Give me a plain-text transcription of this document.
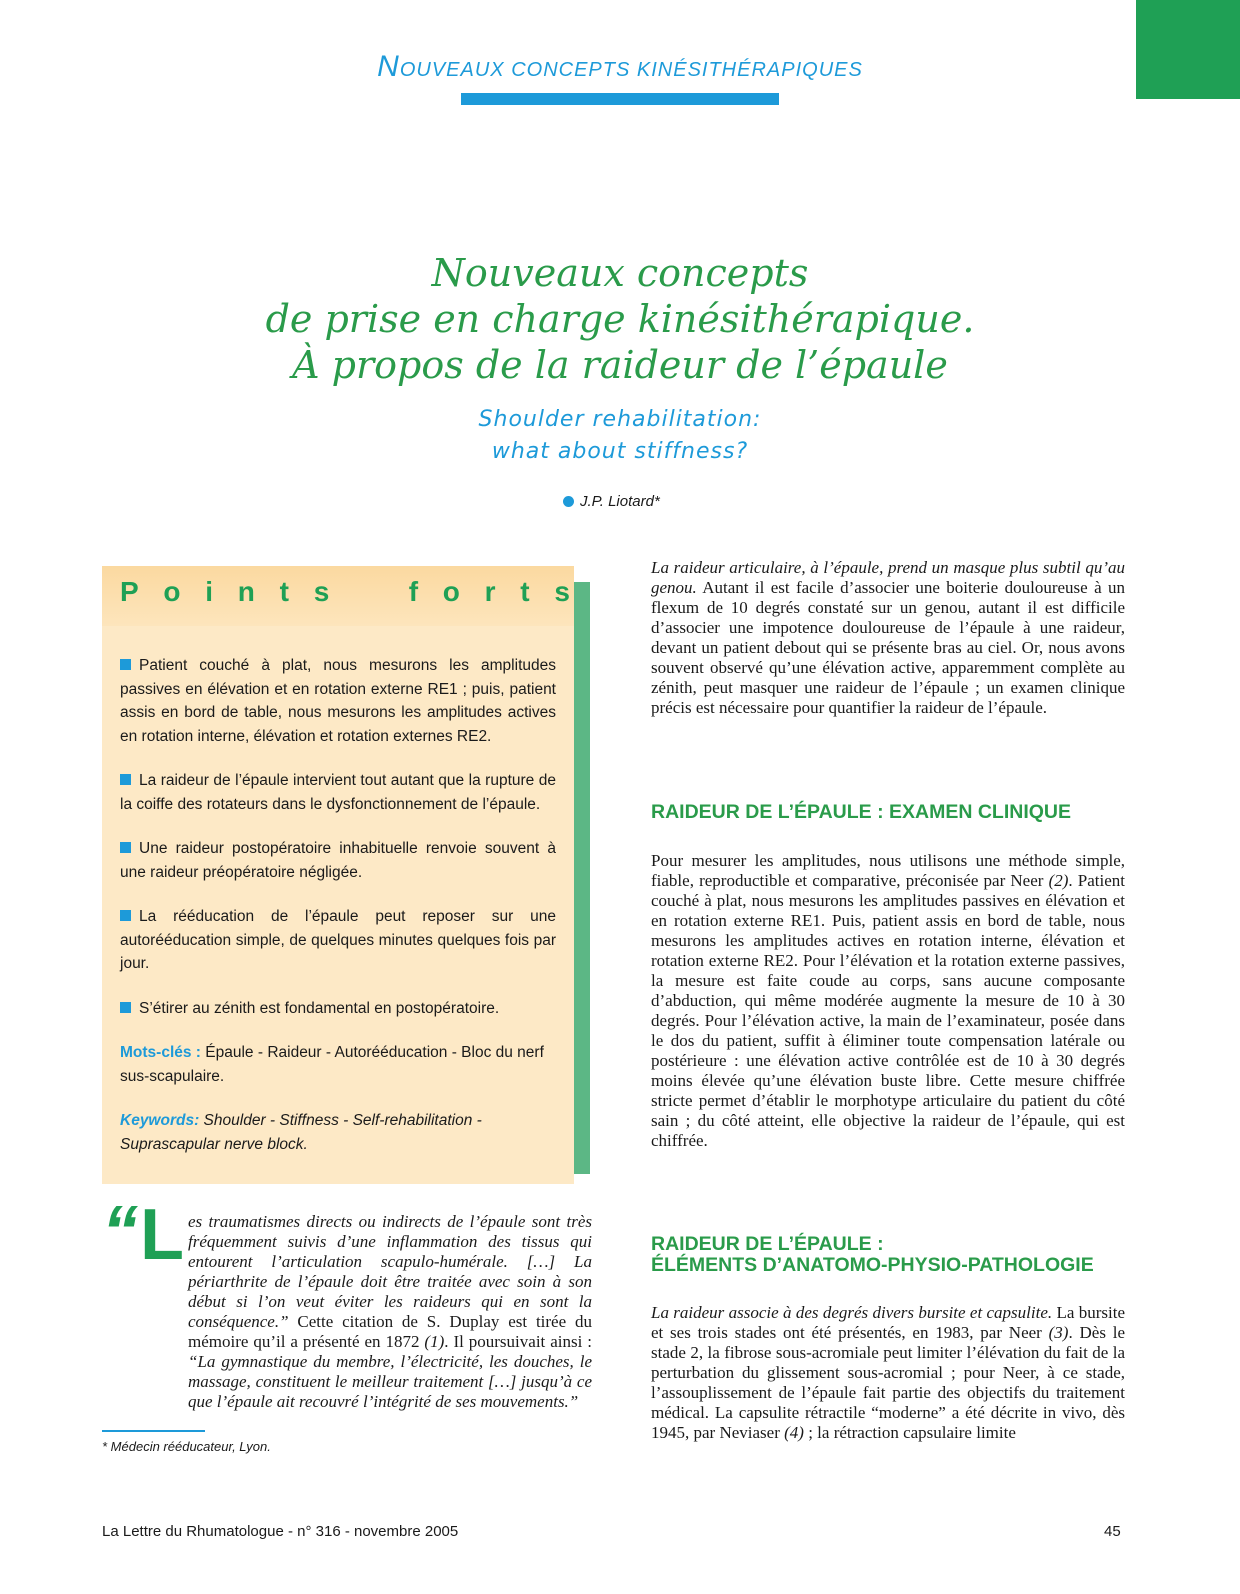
NOUVEAUX CONCEPTS KINÉSITHÉRAPIQUES
Nouveaux concepts
de prise en charge kinésithérapique.
À propos de la raideur de l’épaule
Shoulder rehabilitation:
what about stiffness?
J.P. Liotard*
P o i n t s	f o r t s
Patient couché à plat, nous mesurons les amplitudes passives en élévation et en rotation externe RE1 ; puis, patient assis en bord de table, nous mesurons les amplitudes actives en rotation interne, élévation et rotation externes RE2.
La raideur de l’épaule intervient tout autant que la rupture de la coiffe des rotateurs dans le dysfonctionnement de l’épaule.
Une raideur postopératoire inhabituelle renvoie souvent à une raideur préopératoire négligée.
La rééducation de l’épaule peut reposer sur une autorééducation simple, de quelques minutes quelques fois par jour.
S’étirer au zénith est fondamental en postopératoire.
Mots-clés : Épaule - Raideur - Autorééducation - Bloc du nerf sus-scapulaire.
Keywords: Shoulder - Stiffness - Self-rehabilitation - Suprascapular nerve block.
“ L es traumatismes directs ou indirects de l’épaule sont très fréquemment suivis d’une inflammation des tissus qui entourent l’articulation scapulo-humérale. […] La périarthrite de l’épaule doit être traitée avec soin à son début si l’on veut éviter les raideurs qui en sont la conséquence.” Cette citation de S. Duplay est tirée du mémoire qu’il a présenté en 1872 (1). Il poursuivait ainsi : “La gymnastique du membre, l’électricité, les douches, le massage, constituent le meilleur traitement […] jusqu’à ce que l’épaule ait recouvré l’intégrité de ses mouvements.”

* Médecin rééducateur, Lyon.

La raideur articulaire, à l’épaule, prend un masque plus subtil qu’au genou. Autant il est facile d’associer une boiterie douloureuse à un flexum de 10 degrés constaté sur un genou, autant il est difficile d’associer une impotence douloureuse de l’épaule à une raideur, devant un patient debout qui se présente bras au ciel. Or, nous avons souvent observé qu’une élévation active, apparemment complète au zénith, peut masquer une raideur de l’épaule ; un examen clinique précis est nécessaire pour quantifier la raideur de l’épaule.

RAIDEUR DE L’ÉPAULE : EXAMEN CLINIQUE

Pour mesurer les amplitudes, nous utilisons une méthode simple, fiable, reproductible et comparative, préconisée par Neer (2). Patient couché à plat, nous mesurons les amplitudes passives en élévation et en rotation externe RE1. Puis, patient assis en bord de table, nous mesurons les amplitudes actives en rotation interne, élévation et rotation externe RE2. Pour l’élévation et la rotation externe passives, la mesure est faite coude au corps, sans aucune composante d’abduction, qui même modérée augmente la mesure de 10 à 30 degrés. Pour l’élévation active, la main de l’examinateur, posée dans le dos du patient, suffit à éliminer toute compensation latérale ou postérieure : une élévation active contrôlée est de 10 à 30 degrés moins élevée qu’une élévation buste libre. Cette mesure chiffrée stricte permet d’établir le morphotype articulaire du patient du côté sain ; du côté atteint, elle objective la raideur de l’épaule, qui est chiffrée.

RAIDEUR DE L’ÉPAULE :
ÉLÉMENTS D’ANATOMO-PHYSIO-PATHOLOGIE

La raideur associe à des degrés divers bursite et capsulite. La bursite et ses trois stades ont été présentés, en 1983, par Neer (3). Dès le stade 2, la fibrose sous-acromiale peut limiter l’élévation du fait de la perturbation du glissement sous-acromial ; pour Neer, à ce stade, l’assouplissement de l’épaule fait partie des objectifs du traitement médical. La capsulite rétractile “moderne” a été décrite in vivo, dès 1945, par Neviaser (4) ; la rétraction capsulaire limite

La Lettre du Rhumatologue - n° 316 - novembre 2005	45
